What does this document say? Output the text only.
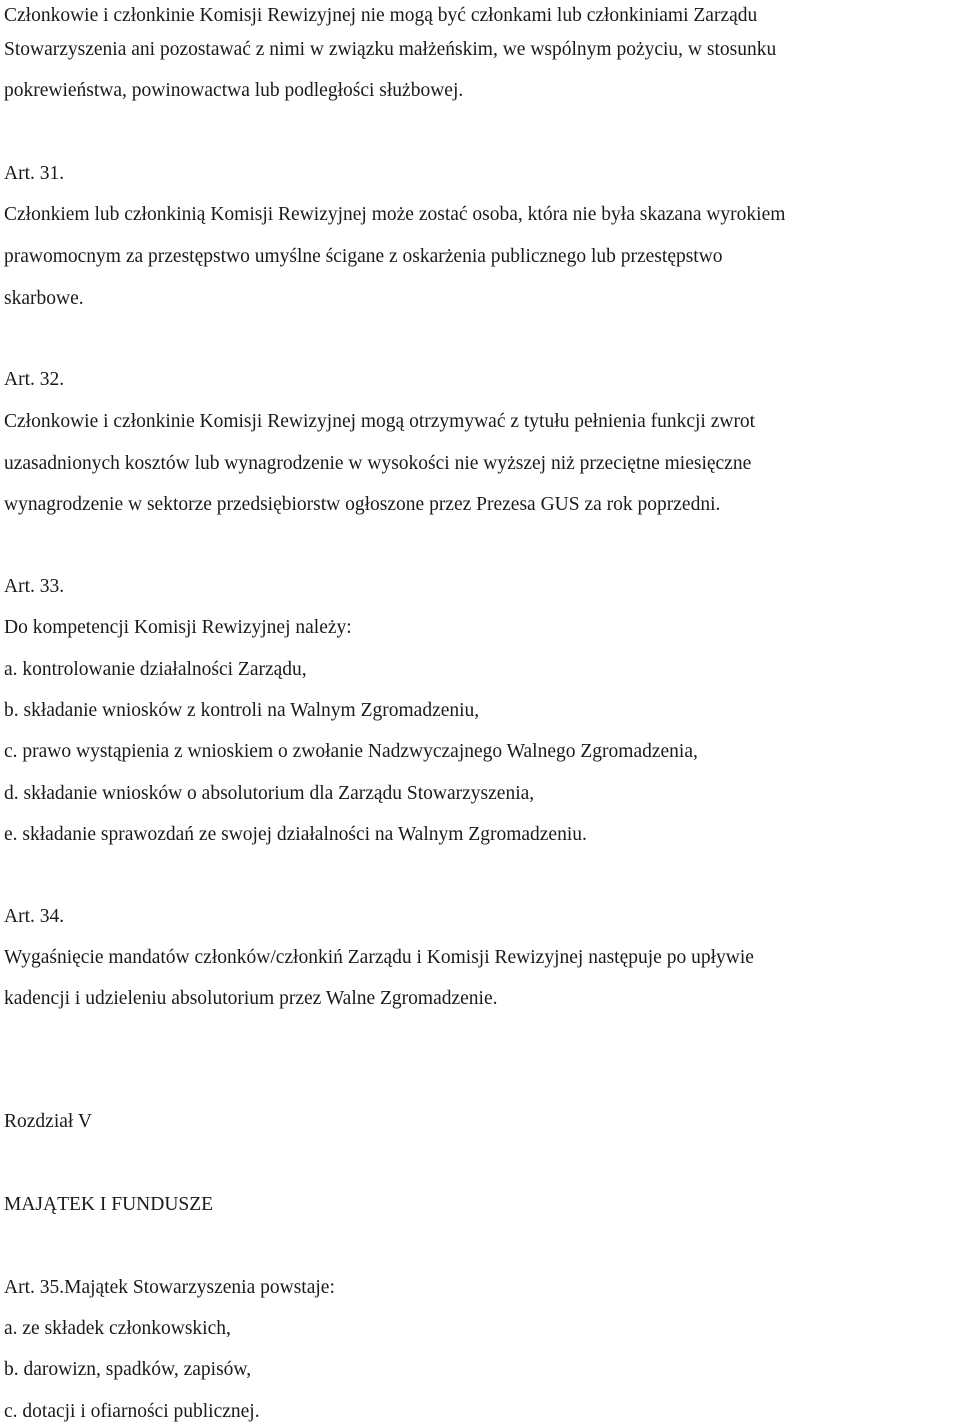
Członkowie i członkinie Komisji Rewizyjnej nie mogą być członkami lub członkiniami Zarządu
Stowarzyszenia ani pozostawać z nimi w związku małżeńskim, we wspólnym pożyciu, w stosunku
pokrewieństwa, powinowactwa lub podległości służbowej.
Art. 31.
Członkiem lub członkinią Komisji Rewizyjnej może zostać osoba, która nie była skazana wyrokiem
prawomocnym za przestępstwo umyślne ścigane z oskarżenia publicznego lub przestępstwo
skarbowe.
Art. 32.
Członkowie i członkinie Komisji Rewizyjnej mogą otrzymywać z tytułu pełnienia funkcji zwrot
uzasadnionych kosztów lub wynagrodzenie w wysokości nie wyższej niż przeciętne miesięczne
wynagrodzenie w sektorze przedsiębiorstw ogłoszone przez Prezesa GUS za rok poprzedni.
Art. 33.
Do kompetencji Komisji Rewizyjnej należy:
a. kontrolowanie działalności Zarządu,
b. składanie wniosków z kontroli na Walnym Zgromadzeniu,
c. prawo wystąpienia z wnioskiem o zwołanie Nadzwyczajnego Walnego Zgromadzenia,
d. składanie wniosków o absolutorium dla Zarządu Stowarzyszenia,
e. składanie sprawozdań ze swojej działalności na Walnym Zgromadzeniu.
Art. 34.
Wygaśnięcie mandatów członków/członkiń Zarządu i Komisji Rewizyjnej następuje po upływie
kadencji i udzieleniu absolutorium przez Walne Zgromadzenie.
Rozdział V
MAJĄTEK I FUNDUSZE
Art. 35.Majątek Stowarzyszenia powstaje:
a. ze składek członkowskich,
b. darowizn, spadków, zapisów,
c. dotacji i ofiarności publicznej.
